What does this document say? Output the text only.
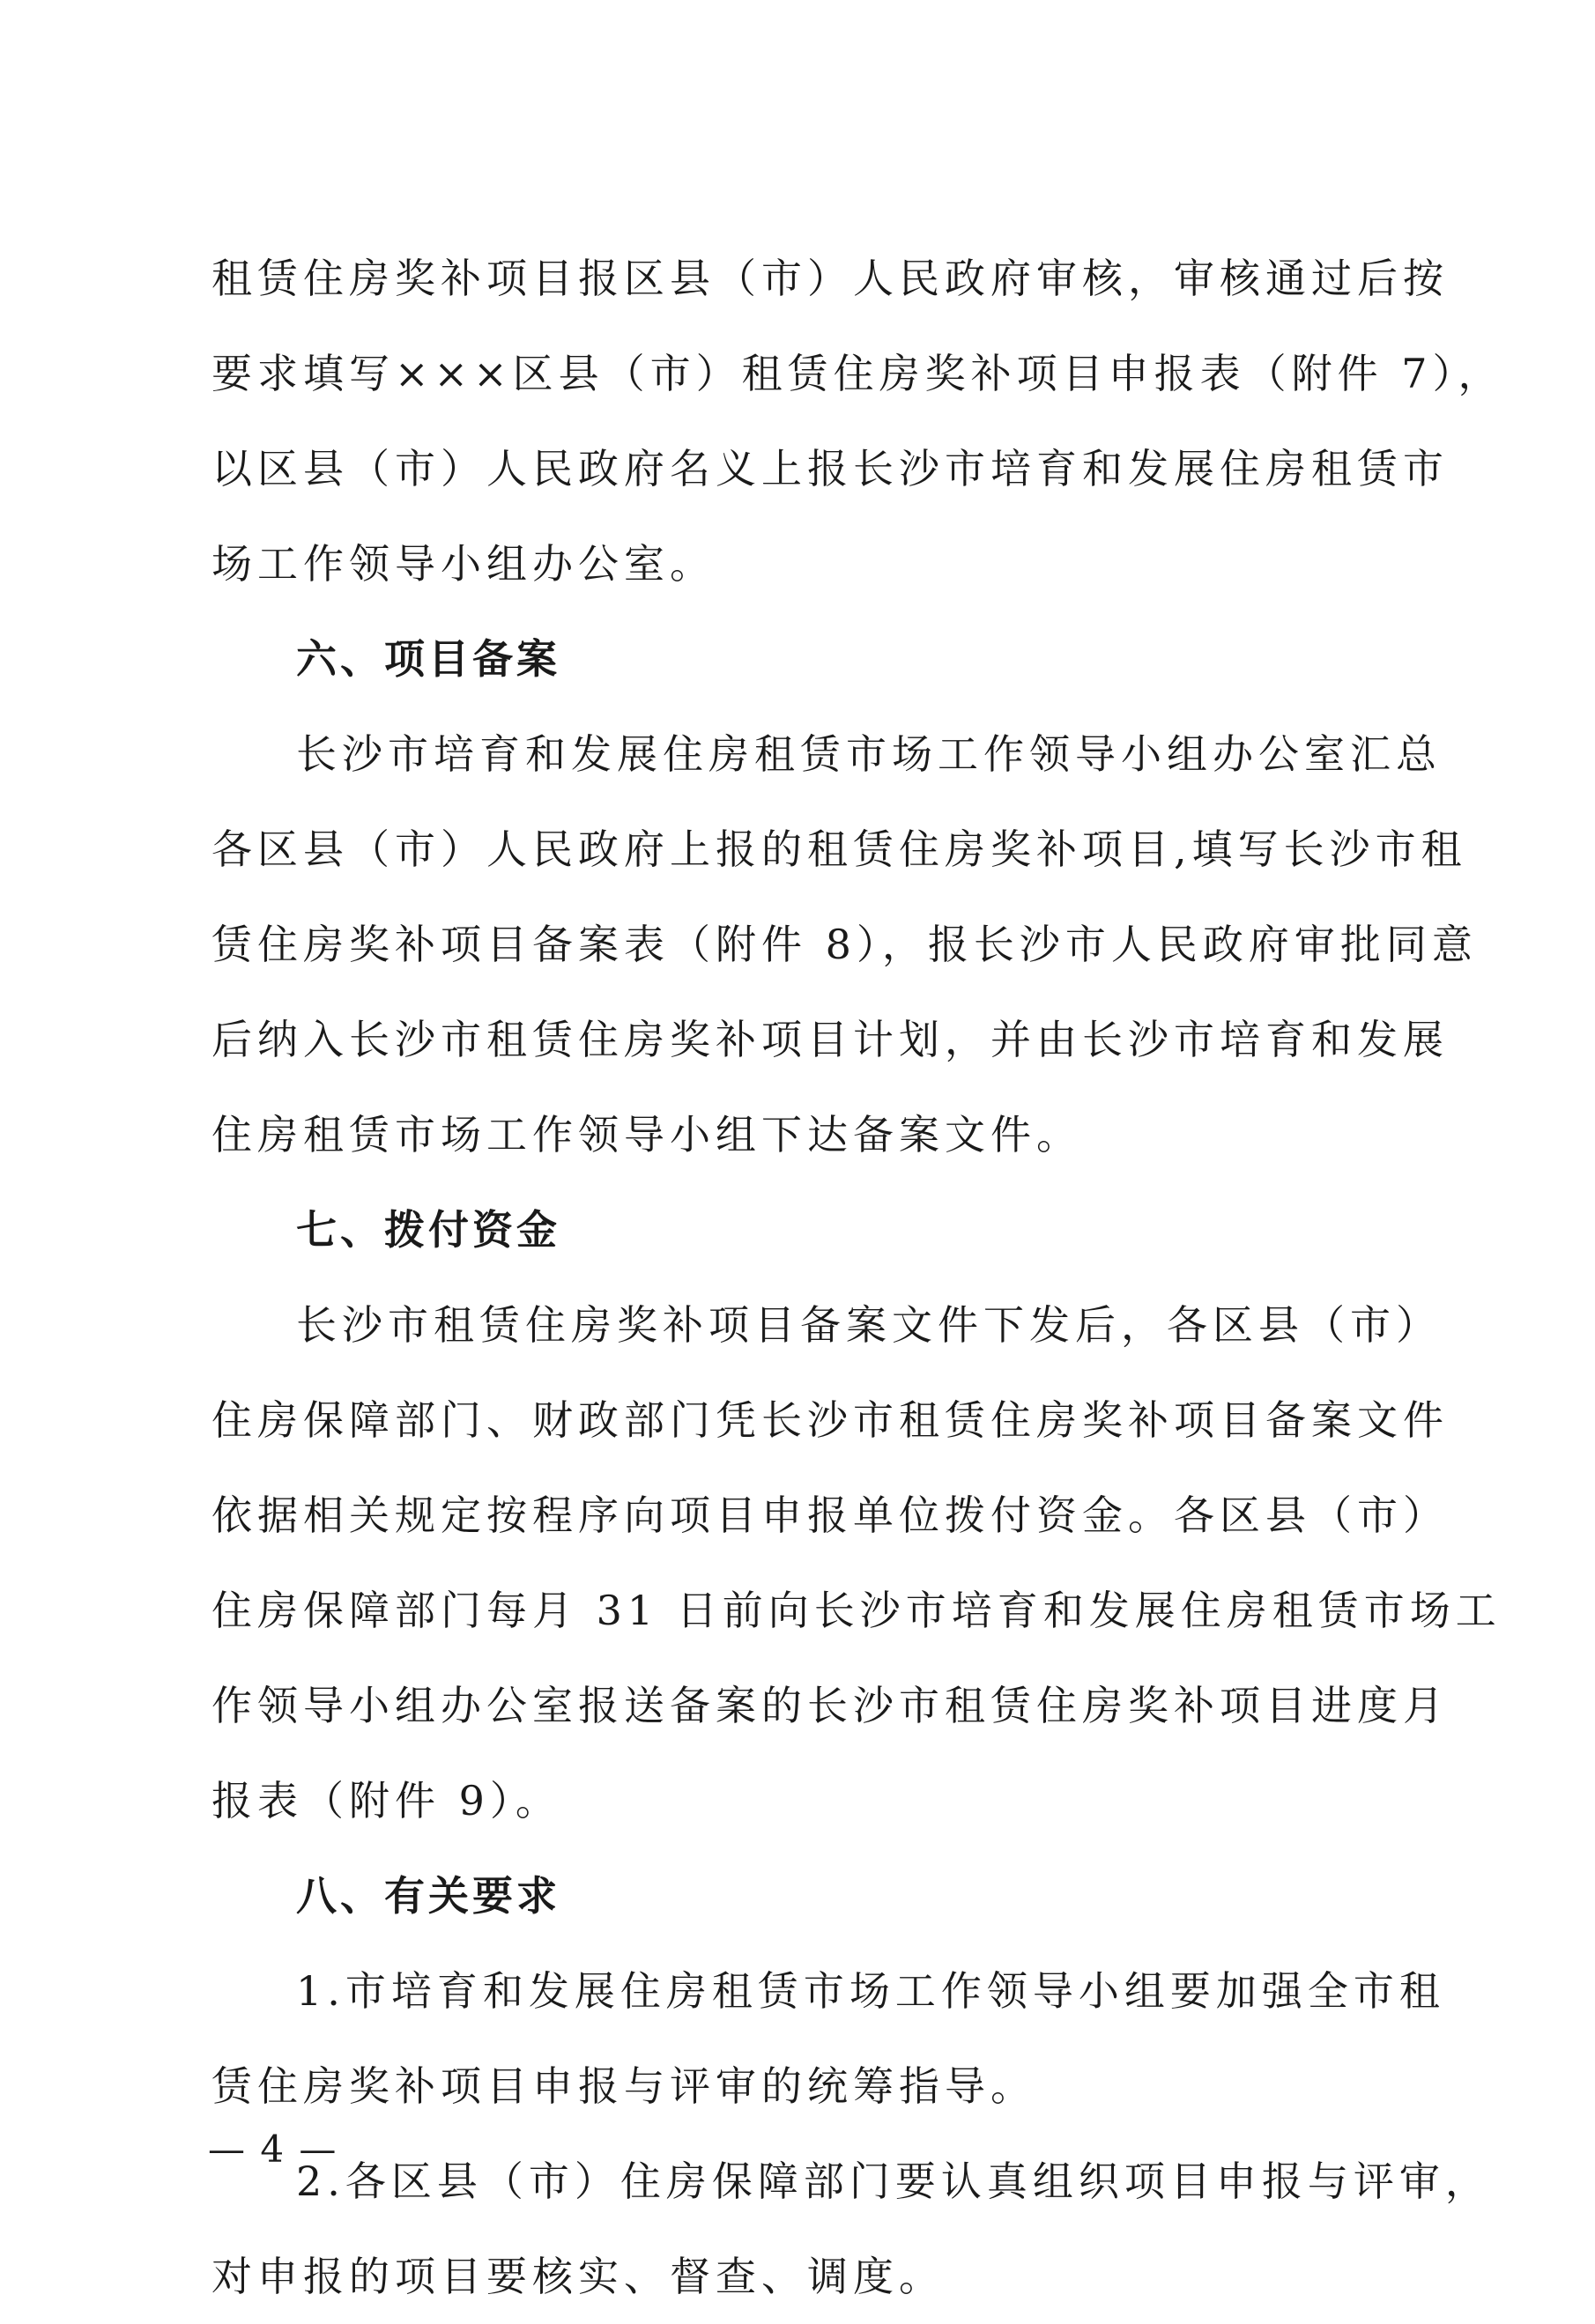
租赁住房奖补项目报区县（市）人民政府审核，审核通过后按
要求填写×××区县（市）租赁住房奖补项目申报表（附件 7），
以区县（市）人民政府名义上报长沙市培育和发展住房租赁市
场工作领导小组办公室。
六、项目备案
长沙市培育和发展住房租赁市场工作领导小组办公室汇总
各区县（市）人民政府上报的租赁住房奖补项目,填写长沙市租
赁住房奖补项目备案表（附件 8），报长沙市人民政府审批同意
后纳入长沙市租赁住房奖补项目计划，并由长沙市培育和发展
住房租赁市场工作领导小组下达备案文件。
七、拨付资金
长沙市租赁住房奖补项目备案文件下发后，各区县（市）
住房保障部门、财政部门凭长沙市租赁住房奖补项目备案文件
依据相关规定按程序向项目申报单位拨付资金。各区县（市）
住房保障部门每月 31 日前向长沙市培育和发展住房租赁市场工
作领导小组办公室报送备案的长沙市租赁住房奖补项目进度月
报表（附件 9）。
八、有关要求
1.市培育和发展住房租赁市场工作领导小组要加强全市租
赁住房奖补项目申报与评审的统筹指导。
2.各区县（市）住房保障部门要认真组织项目申报与评审，
对申报的项目要核实、督查、调度。
— 4 —
